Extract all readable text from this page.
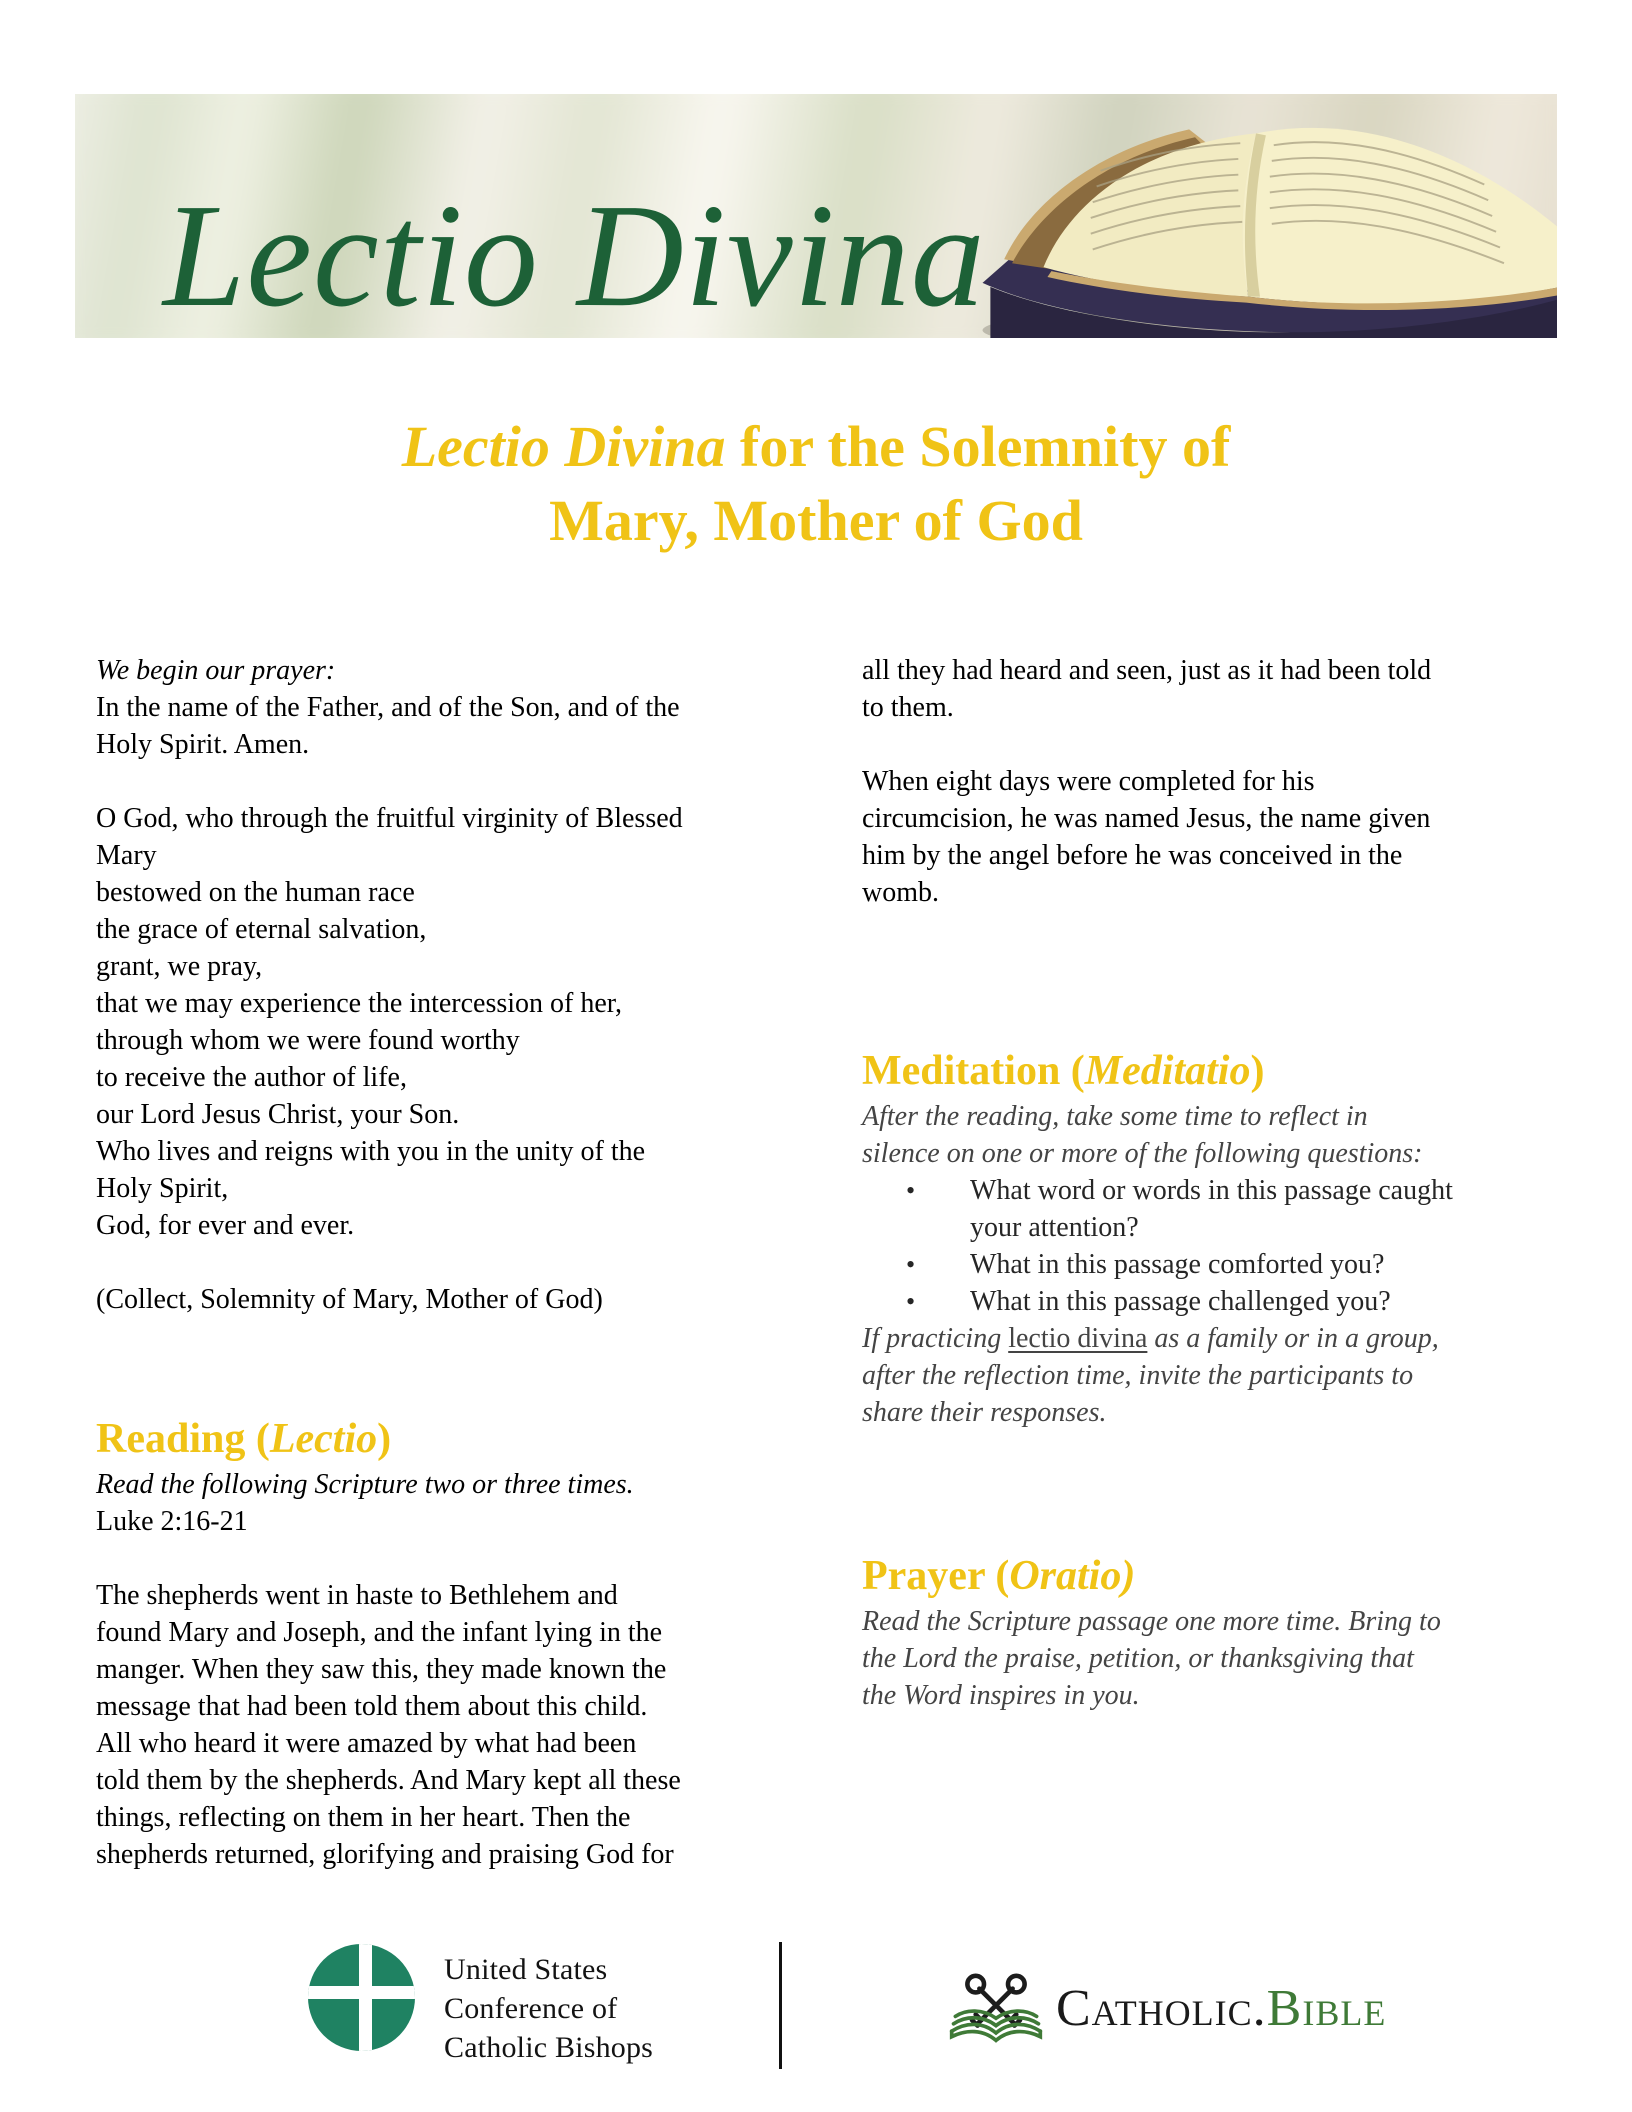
Lectio Divina
Lectio Divina for the Solemnity of
Mary, Mother of God
We begin our prayer:
In the name of the Father, and of the Son, and of the
Holy Spirit. Amen.
O God, who through the fruitful virginity of Blessed
Mary
bestowed on the human race
the grace of eternal salvation,
grant, we pray,
that we may experience the intercession of her,
through whom we were found worthy
to receive the author of life,
our Lord Jesus Christ, your Son.
Who lives and reigns with you in the unity of the
Holy Spirit,
God, for ever and ever.
(Collect, Solemnity of Mary, Mother of God)
Reading (Lectio)
Read the following Scripture two or three times.
Luke 2:16-21
The shepherds went in haste to Bethlehem and
found Mary and Joseph, and the infant lying in the
manger. When they saw this, they made known the
message that had been told them about this child.
All who heard it were amazed by what had been
told them by the shepherds. And Mary kept all these
things, reflecting on them in her heart. Then the
shepherds returned, glorifying and praising God for
all they had heard and seen, just as it had been told
to them.
When eight days were completed for his
circumcision, he was named Jesus, the name given
him by the angel before he was conceived in the
womb.
Meditation (Meditatio)
After the reading, take some time to reflect in
silence on one or more of the following questions:
•	What word or words in this passage caught
your attention?
•	What in this passage comforted you?
•	What in this passage challenged you?
If practicing lectio divina as a family or in a group,
after the reflection time, invite the participants to
share their responses.
Prayer (Oratio)
Read the Scripture passage one more time. Bring to
the Lord the praise, petition, or thanksgiving that
the Word inspires in you.
United States
Conference of
Catholic Bishops
Catholic.Bible
